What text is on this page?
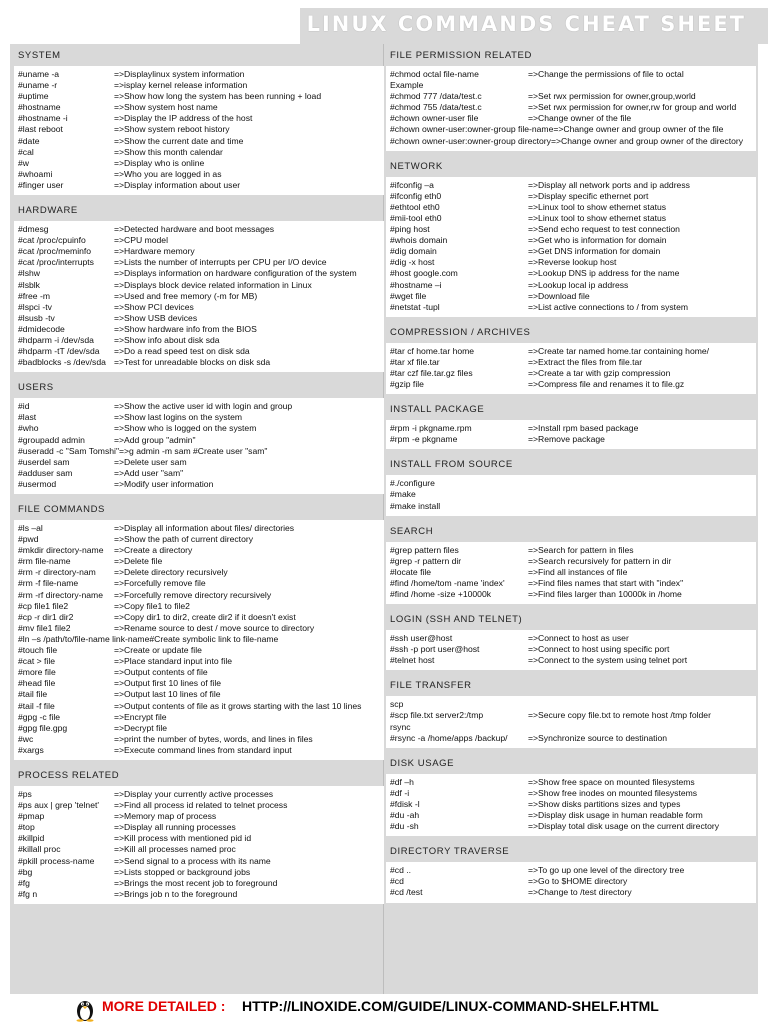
LINUX COMMANDS CHEAT SHEET
SYSTEM
#uname -a	=>Displaylinux system information
#uname -r	=>isplay kernel release information
#uptime	=>Show how long the system has been running + load
#hostname	=>Show system host name
#hostname -i	=>Display the IP address of the host
#last reboot	=>Show system reboot history
#date	=>Show the current date and time
#cal	=>Show this month calendar
#w	=>Display who is online
#whoami	=>Who you are logged in as
#finger user	=>Display information about user
HARDWARE
#dmesg	=>Detected hardware and boot messages
#cat /proc/cpuinfo	=>CPU model
#cat /proc/meminfo	=>Hardware memory
#cat /proc/interrupts	=>Lists the number of interrupts per CPU per I/O device
#lshw	=>Displays information on hardware configuration of the system
#lsblk	=>Displays block device related information in Linux
#free -m	=>Used and free memory (-m for MB)
#lspci -tv	=>Show PCI devices
#lsusb -tv	=>Show USB devices
#dmidecode	=>Show hardware info from the BIOS
#hdparm -i /dev/sda	=>Show info about disk sda
#hdparm -tT /dev/sda	=>Do a read speed test on disk sda
#badblocks -s /dev/sda =>Test for unreadable blocks on disk sda
USERS
#id	=>Show the active user id with login and group
#last	=>Show last logins on the system
#who	=>Show who is logged on the system
#groupadd admin	=>Add group "admin"
#useradd -c "Sam Tomshi" =>g admin -m sam #Create user "sam"
#userdel sam	=>Delete user sam
#adduser sam	=>Add user "sam"
#usermod	=>Modify user information
FILE COMMANDS
#ls –al	=>Display all information about files/ directories
#pwd	=>Show the path of current directory
#mkdir directory-name	=>Create a directory
#rm file-name	=>Delete file
#rm -r directory-nam	=>Delete directory recursively
#rm -f file-name	=>Forcefully remove file
#rm -rf directory-name	=>Forcefully remove directory recursively
#cp file1 file2	=>Copy file1 to file2
#cp -r dir1 dir2	=>Copy dir1 to dir2, create dir2 if it doesn't exist
#mv file1 file2	=>Rename source to dest / move source to directory
#ln –s /path/to/file-name link-name #Create symbolic link to file-name
#touch file	=>Create or update file
#cat > file	=>Place standard input into file
#more file	=>Output contents of file
#head file	=>Output first 10 lines of file
#tail file	=>Output last 10 lines of file
#tail -f file	=>Output contents of file as it grows starting with the last 10 lines
#gpg -c file	=>Encrypt file
#gpg file.gpg	=>Decrypt file
#wc	=>print the number of bytes, words, and lines in files
#xargs	=>Execute command lines from standard input
PROCESS RELATED
#ps	=>Display your currently active processes
#ps aux | grep 'telnet'	=>Find all process id related to telnet process
#pmap	=>Memory map of process
#top	=>Display all running processes
#killpid	=>Kill process with mentioned pid id
#killall proc	=>Kill all processes named proc
#pkill process-name	=>Send signal to a process with its name
#bg	=>Lists stopped or background jobs
#fg	=>Brings the most recent job to foreground
#fg n	=>Brings job n to the foreground
FILE PERMISSION RELATED
#chmod octal file-name	=>Change the permissions of file to octal
Example
#chmod 777 /data/test.c	=>Set rwx permission for owner,group,world
#chmod 755 /data/test.c	=>Set rwx permission for owner,rw for group and world
#chown owner-user file	=>Change owner of the file
#chown owner-user:owner-group file-name =>Change owner and group owner of the file
#chown owner-user:owner-group directory =>Change owner and group owner of the directory
NETWORK
#ifconfig –a	=>Display all network ports and ip address
#ifconfig eth0	=>Display specific ethernet port
#ethtool eth0	=>Linux tool to show ethernet status
#mii-tool eth0	=>Linux tool to show ethernet status
#ping host	=>Send echo request to test connection
#whois domain	=>Get who is information for domain
#dig domain	=>Get DNS information for domain
#dig -x host	=>Reverse lookup host
#host google.com	=>Lookup DNS ip address for the name
#hostname –i	=>Lookup local ip address
#wget file	=>Download file
#netstat -tupl	=>List active connections to / from system
COMPRESSION / ARCHIVES
#tar cf home.tar home	=>Create tar named home.tar containing home/
#tar xf file.tar	=>Extract the files from file.tar
#tar czf file.tar.gz files	=>Create a tar with gzip compression
#gzip file	=>Compress file and renames it to file.gz
INSTALL PACKAGE
#rpm -i pkgname.rpm	=>Install rpm based package
#rpm -e pkgname	=>Remove package
INSTALL FROM SOURCE
#./configure
#make
#make install
SEARCH
#grep pattern files	=>Search for pattern in files
#grep -r pattern dir	=>Search recursively for pattern in dir
#locate file	=>Find all instances of file
#find /home/tom -name 'index'	=>Find files names that start with "index"
#find /home -size +10000k	=>Find files larger than 10000k in /home
LOGIN (SSH AND TELNET)
#ssh user@host	=>Connect to host as user
#ssh -p port user@host	=>Connect to host using specific port
#telnet host	=>Connect to the system using telnet port
FILE TRANSFER
scp
#scp file.txt server2:/tmp	=>Secure copy file.txt to remote host /tmp folder
rsync
#rsync -a /home/apps /backup/	=>Synchronize source to destination
DISK USAGE
#df –h	=>Show free space on mounted filesystems
#df -i	=>Show free inodes on mounted filesystems
#fdisk -l	=>Show disks partitions sizes and types
#du -ah	=>Display disk usage in human readable form
#du -sh	=>Display total disk usage on the current directory
DIRECTORY TRAVERSE
#cd ..	=>To go up one level of the directory tree
#cd	=>Go to $HOME directory
#cd /test	=>Change to /test directory
MORE DETAILED : HTTP://LINOXIDE.COM/GUIDE/LINUX-COMMAND-SHELF.HTML
